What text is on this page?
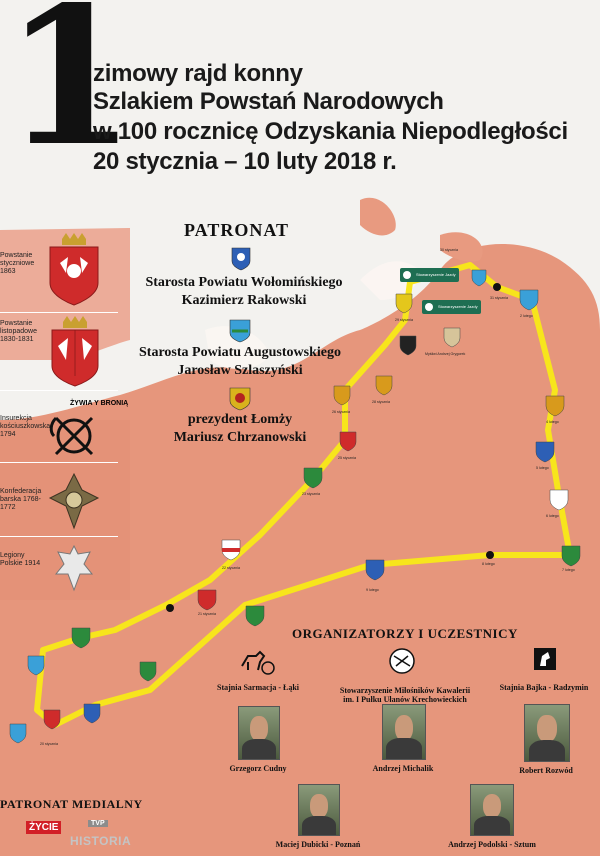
1
zimowy rajd konny
Szlakiem Powstań Narodowych
w 100 rocznicę Odzyskania Niepodległości
20 stycznia – 10 luty 2018 r.
PATRONAT
Starosta Powiatu Wołomińskiego
Kazimierz Rakowski
Starosta Powiatu Augustowskiego
Jarosław Szlaszyński
prezydent Łomży
Mariusz Chrzanowski
Powstanie styczniowe 1863
Powstanie listopadowe 1830-1831
ŻYWIA Y BRONIĄ
Insurekcja kościuszkowska 1794
Konfederacja barska 1768-1772
Legiony Polskie 1914
Stowarzyszenie Jazdy
Stowarzyszenie Jazdy
Myśliwi Andrzej Grygorek
29 stycznia
28 stycznia
26 stycznia
25 stycznia
23 stycznia
22 stycznia
21 stycznia
9 lutego
8 lutego
7 lutego
6 lutego
5 lutego
4 lutego
2 lutego
31 stycznia
30 stycznia
20 stycznia
ORGANIZATORZY I UCZESTNICY
Stajnia Sarmacja - Łąki	Stowarzyszenie Miłośników Kawalerii
im. I Pułku Ułanów Krechowieckich
Stajnia Bajka - Radzymin
Grzegorz Cudny	Andrzej Michalik	Robert Rozwód
Maciej Dubicki - Poznań	Andrzej Podolski - Sztum
PATRONAT MEDIALNY
ŻYCIE	TVP
HISTORIA
